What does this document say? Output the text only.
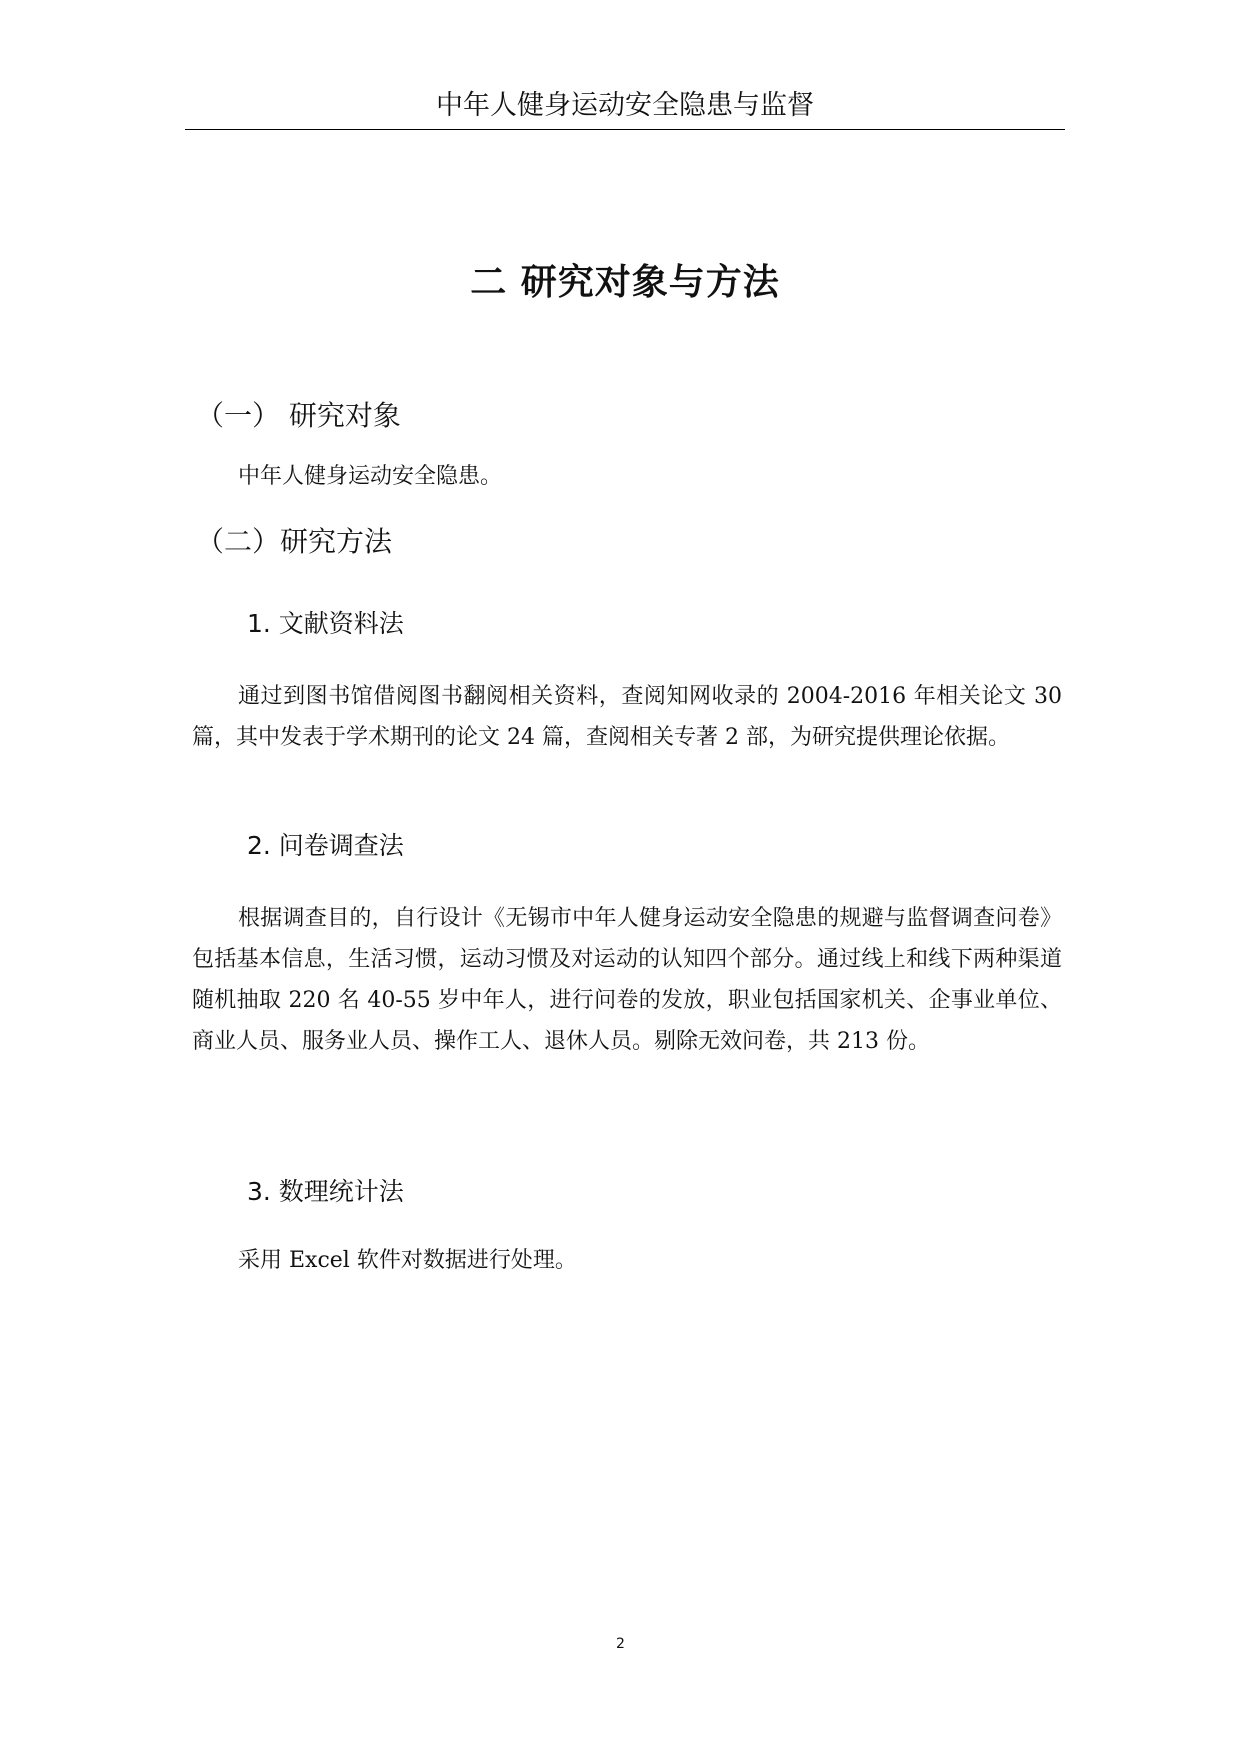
中年人健身运动安全隐患与监督
二 研究对象与方法
（一） 研究对象

中年人健身运动安全隐患。

（二）研究方法
1. 文献资料法

通过到图书馆借阅图书翻阅相关资料，查阅知网收录的 2004-2016 年相关论文 30 篇，其中发表于学术期刊的论文 24 篇，查阅相关专著 2 部，为研究提供理论依据。

2. 问卷调查法

根据调查目的，自行设计《无锡市中年人健身运动安全隐患的规避与监督调查问卷》包括基本信息，生活习惯，运动习惯及对运动的认知四个部分。通过线上和线下两种渠道随机抽取 220 名 40-55 岁中年人，进行问卷的发放，职业包括国家机关、企事业单位、商业人员、服务业人员、操作工人、退休人员。剔除无效问卷，共 213 份。

3. 数理统计法

采用 Excel 软件对数据进行处理。

2
